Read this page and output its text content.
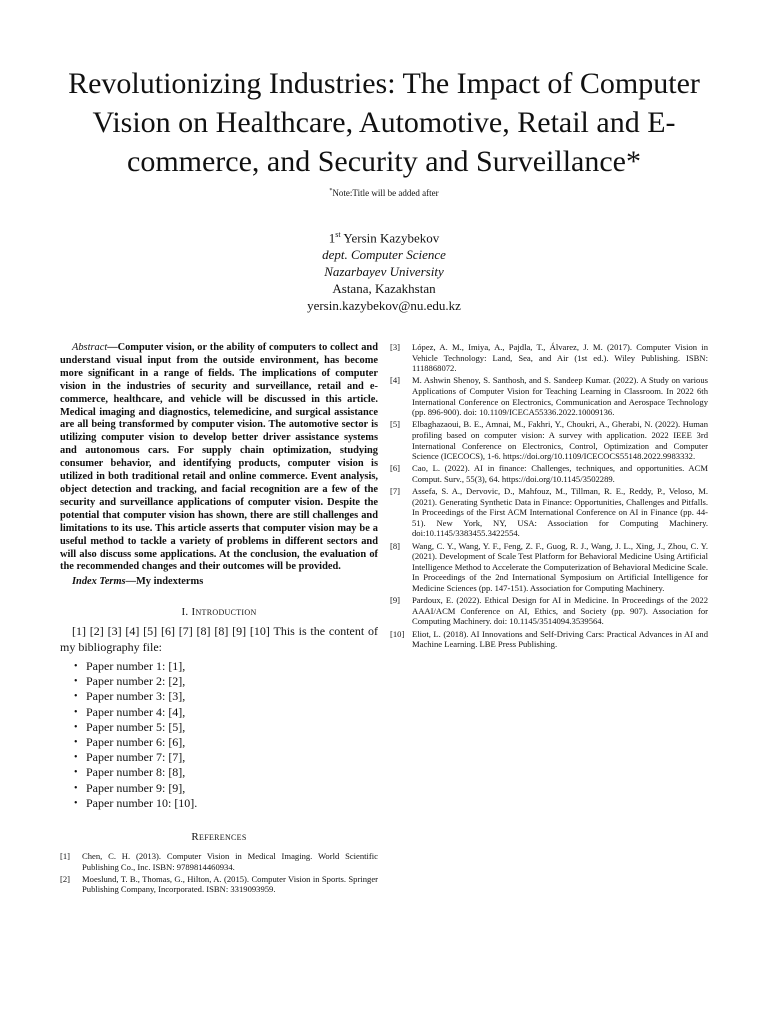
Revolutionizing Industries: The Impact of Computer Vision on Healthcare, Automotive, Retail and E-commerce, and Security and Surveillance*
*Note:Title will be added after
1st Yersin Kazybekov
dept. Computer Science
Nazarbayev University
Astana, Kazakhstan
yersin.kazybekov@nu.edu.kz

Abstract—Computer vision, or the ability of computers to collect and understand visual input from the outside environment, has become more significant in a range of fields. The implications of computer vision in the industries of security and surveillance, retail and e-commerce, healthcare, and vehicle will be discussed in this article. Medical imaging and diagnostics, telemedicine, and surgical assistance are all being transformed by computer vision. The automotive sector is utilizing computer vision to develop better driver assistance systems and autonomous cars. For supply chain optimization, studying consumer behavior, and identifying products, computer vision is utilized in both traditional retail and online commerce. Event analysis, object detection and tracking, and facial recognition are a few of the security and surveillance applications of computer vision. Despite the potential that computer vision has shown, there are still challenges and limitations to its use. This article asserts that computer vision may be a useful method to tackle a variety of problems in different sectors and will also discuss some applications. At the conclusion, the evaluation of the recommended changes and their outcomes will be provided.

Index Terms—My indexterms

I. Introduction

[1] [2] [3] [4] [5] [6] [7] [8] [8] [9] [10] This is the content of my bibliography file:

• Paper number 1: [1],
• Paper number 2: [2],
• Paper number 3: [3],
• Paper number 4: [4],
• Paper number 5: [5],
• Paper number 6: [6],
• Paper number 7: [7],
• Paper number 8: [8],
• Paper number 9: [9],
• Paper number 10: [10].
References
[1]	Chen, C. H. (2013). Computer Vision in Medical Imaging. World Scientific Publishing Co., Inc. ISBN: 9789814460934.
[2]	Moeslund, T. B., Thomas, G., Hilton, A. (2015). Computer Vision in Sports. Springer Publishing Company, Incorporated. ISBN: 3319093959.
[3]	López, A. M., Imiya, A., Pajdla, T., Álvarez, J. M. (2017). Computer Vision in Vehicle Technology: Land, Sea, and Air (1st ed.). Wiley Publishing. ISBN: 1118868072.
[4]	M. Ashwin Shenoy, S. Santhosh, and S. Sandeep Kumar. (2022). A Study on various Applications of Computer Vision for Teaching Learning in Classroom. In 2022 6th International Conference on Electronics, Communication and Aerospace Technology (pp. 896-900). doi: 10.1109/ICECA55336.2022.10009136.
[5]	Elbaghazaoui, B. E., Amnai, M., Fakhri, Y., Choukri, A., Gherabi, N. (2022). Human profiling based on computer vision: A survey with application. 2022 IEEE 3rd International Conference on Electronics, Control, Optimization and Computer Science (ICECOCS), 1-6. https://doi.org/10.1109/ICECOCS55148.2022.9983332.
[6]	Cao, L. (2022). AI in finance: Challenges, techniques, and opportunities. ACM Comput. Surv., 55(3), 64. https://doi.org/10.1145/3502289.
[7]	Assefa, S. A., Dervovic, D., Mahfouz, M., Tillman, R. E., Reddy, P., Veloso, M. (2021). Generating Synthetic Data in Finance: Opportunities, Challenges and Pitfalls. In Proceedings of the First ACM International Conference on AI in Finance (pp. 44-51). New York, NY, USA: Association for Computing Machinery. doi:10.1145/3383455.3422554.
[8]	Wang, C. Y., Wang, Y. F., Feng, Z. F., Guog, R. J., Wang, J. L., Xing, J., Zhou, C. Y. (2021). Development of Scale Test Platform for Behavioral Medicine Using Artificial Intelligence Method to Accelerate the Computerization of Behavioral Medicine Scale. In Proceedings of the 2nd International Symposium on Artificial Intelligence for Medicine Sciences (pp. 147-151). Association for Computing Machinery.
[9]	Pardoux, E. (2022). Ethical Design for AI in Medicine. In Proceedings of the 2022 AAAI/ACM Conference on AI, Ethics, and Society (pp. 907). Association for Computing Machinery. doi: 10.1145/3514094.3539564.
[10] Eliot, L. (2018). AI Innovations and Self-Driving Cars: Practical Advances in AI and Machine Learning. LBE Press Publishing.
